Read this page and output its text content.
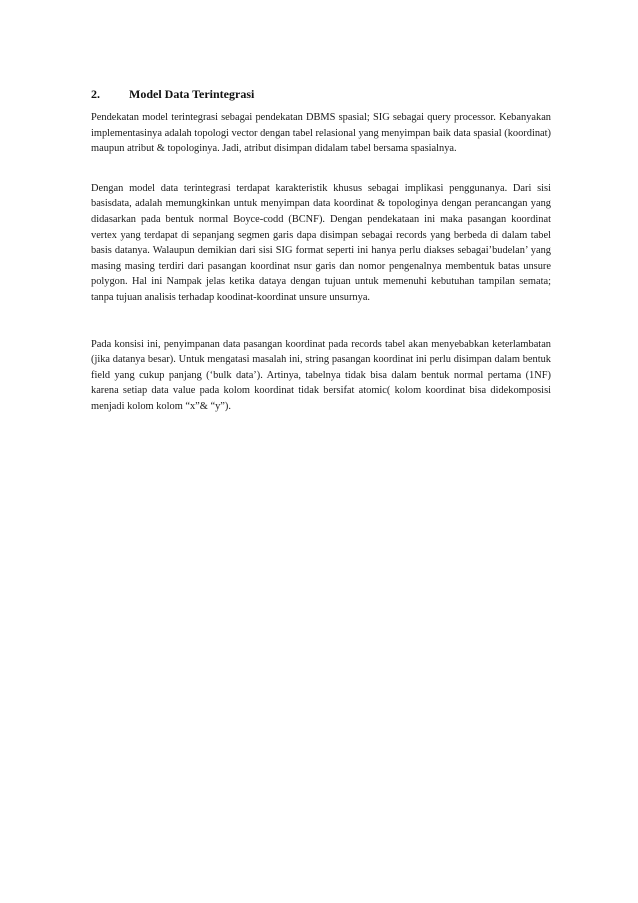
2.	Model Data Terintegrasi

Pendekatan model terintegrasi sebagai pendekatan DBMS spasial; SIG sebagai query processor. Kebanyakan implementasinya adalah topologi vector dengan tabel relasional yang menyimpan baik data spasial (koordinat) maupun atribut & topologinya. Jadi, atribut disimpan didalam tabel bersama spasialnya.

Dengan model data terintegrasi terdapat karakteristik khusus sebagai implikasi penggunanya. Dari sisi basisdata, adalah memungkinkan untuk menyimpan data koordinat & topologinya dengan perancangan yang didasarkan pada bentuk normal Boyce-codd (BCNF). Dengan pendekataan ini maka pasangan koordinat vertex yang terdapat di sepanjang segmen garis dapa disimpan sebagai records yang berbeda di dalam tabel basis datanya. Walaupun demikian dari sisi SIG format seperti ini hanya perlu diakses sebagai’budelan’ yang masing masing terdiri dari pasangan koordinat nsur garis dan nomor pengenalnya membentuk batas unsure polygon. Hal ini Nampak jelas ketika dataya dengan tujuan untuk memenuhi kebutuhan tampilan semata; tanpa tujuan analisis terhadap koodinat-koordinat unsure unsurnya.

Pada konsisi ini, penyimpanan data pasangan koordinat pada records tabel akan menyebabkan keterlambatan (jika datanya besar). Untuk mengatasi masalah ini, string pasangan koordinat ini perlu disimpan dalam bentuk field yang cukup panjang (‘bulk data’). Artinya, tabelnya tidak bisa dalam bentuk normal pertama (1NF) karena setiap data value pada kolom koordinat tidak bersifat atomic( kolom koordinat bisa didekomposisi menjadi kolom kolom “x”& “y”).
